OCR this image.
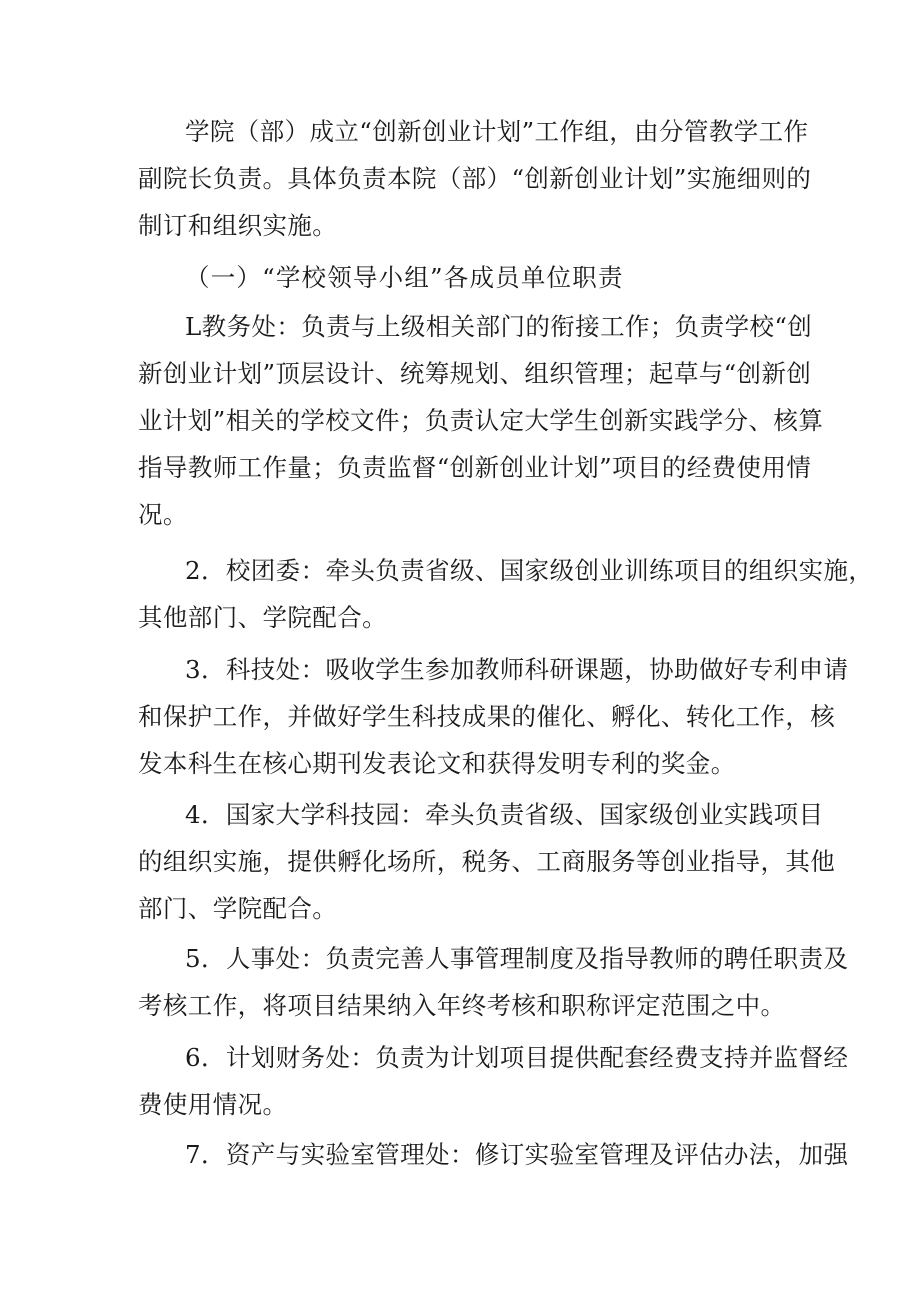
学院（部）成立“创新创业计划”工作组，由分管教学工作
副院长负责。具体负责本院（部）“创新创业计划”实施细则的
制订和组织实施。
（一）“学校领导小组”各成员单位职责
L教务处：负责与上级相关部门的衔接工作；负责学校“创
新创业计划”顶层设计、统筹规划、组织管理；起草与“创新创
业计划”相关的学校文件；负责认定大学生创新实践学分、核算
指导教师工作量；负责监督“创新创业计划”项目的经费使用情
况。
2．校团委：牵头负责省级、国家级创业训练项目的组织实施，
其他部门、学院配合。
3．科技处：吸收学生参加教师科研课题，协助做好专利申请
和保护工作，并做好学生科技成果的催化、孵化、转化工作，核
发本科生在核心期刊发表论文和获得发明专利的奖金。
4．国家大学科技园：牵头负责省级、国家级创业实践项目
的组织实施，提供孵化场所，税务、工商服务等创业指导，其他
部门、学院配合。
5．人事处：负责完善人事管理制度及指导教师的聘任职责及
考核工作，将项目结果纳入年终考核和职称评定范围之中。
6．计划财务处：负责为计划项目提供配套经费支持并监督经
费使用情况。
7．资产与实验室管理处：修订实验室管理及评估办法，加强
